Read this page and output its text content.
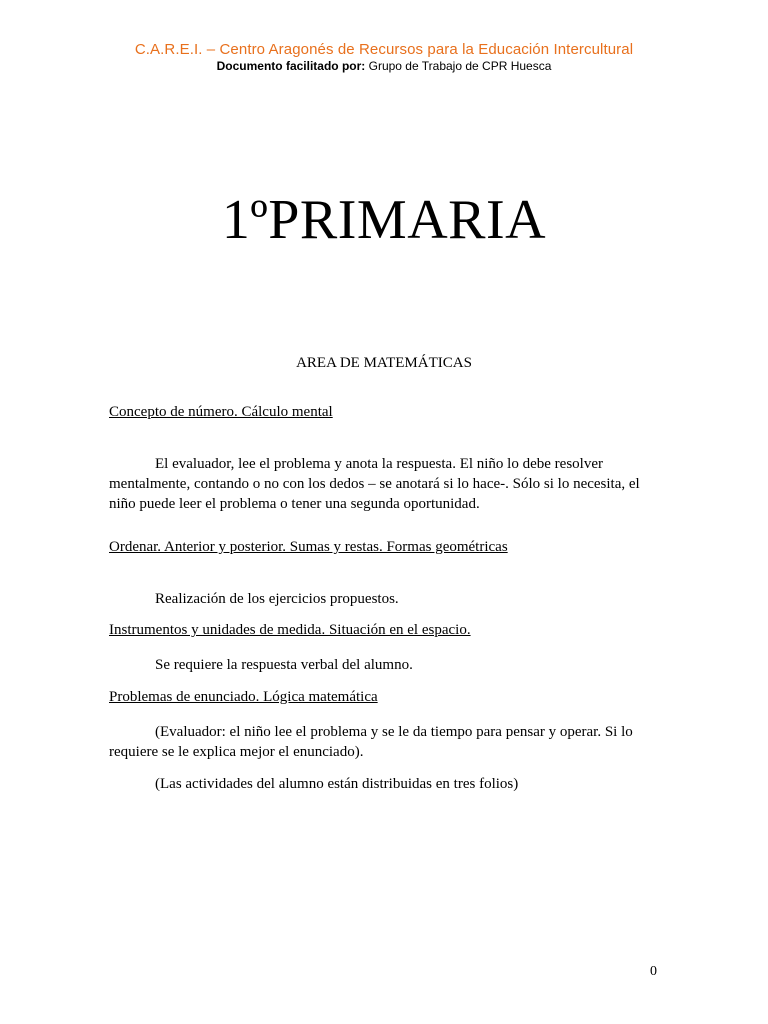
C.A.R.E.I. – Centro Aragonés de Recursos para la Educación Intercultural
Documento facilitado por: Grupo de Trabajo de CPR Huesca
1ºPRIMARIA
AREA DE MATEMÁTICAS
Concepto de número. Cálculo mental
El evaluador, lee el problema y anota la respuesta. El niño lo debe resolver mentalmente, contando o no con los dedos – se anotará si lo hace-. Sólo si lo necesita, el niño puede leer el problema o tener una segunda oportunidad.
Ordenar. Anterior y posterior. Sumas y restas. Formas geométricas
Realización de los ejercicios propuestos.
Instrumentos y unidades de medida. Situación en el espacio.
Se requiere la respuesta verbal del alumno.
Problemas de enunciado. Lógica matemática
(Evaluador: el niño lee el problema y se le da tiempo para pensar y operar. Si lo requiere se le explica mejor el enunciado).
(Las actividades del alumno están distribuidas en tres folios)
0
